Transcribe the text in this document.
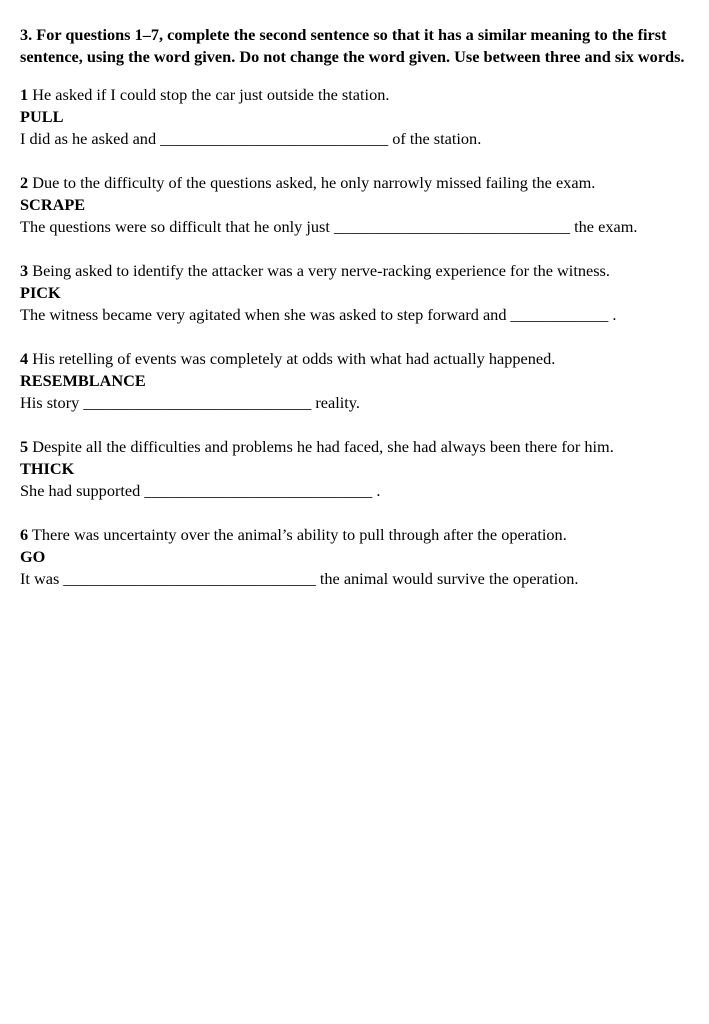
3. For questions 1–7, complete the second sentence so that it has a similar meaning to the first sentence, using the word given. Do not change the word given. Use between three and six words.

1 He asked if I could stop the car just outside the station.
PULL
I did as he asked and ____________________________ of the station.
2 Due to the difficulty of the questions asked, he only narrowly missed failing the exam.
SCRAPE
The questions were so difficult that he only just _____________________________ the exam.
3 Being asked to identify the attacker was a very nerve-racking experience for the witness.
PICK
The witness became very agitated when she was asked to step forward and ____________ .
4 His retelling of events was completely at odds with what had actually happened.
RESEMBLANCE
His story ____________________________ reality.
5 Despite all the difficulties and problems he had faced, she had always been there for him.
THICK
She had supported ____________________________ .
6 There was uncertainty over the animal’s ability to pull through after the operation.
GO
It was _______________________________ the animal would survive the operation.
